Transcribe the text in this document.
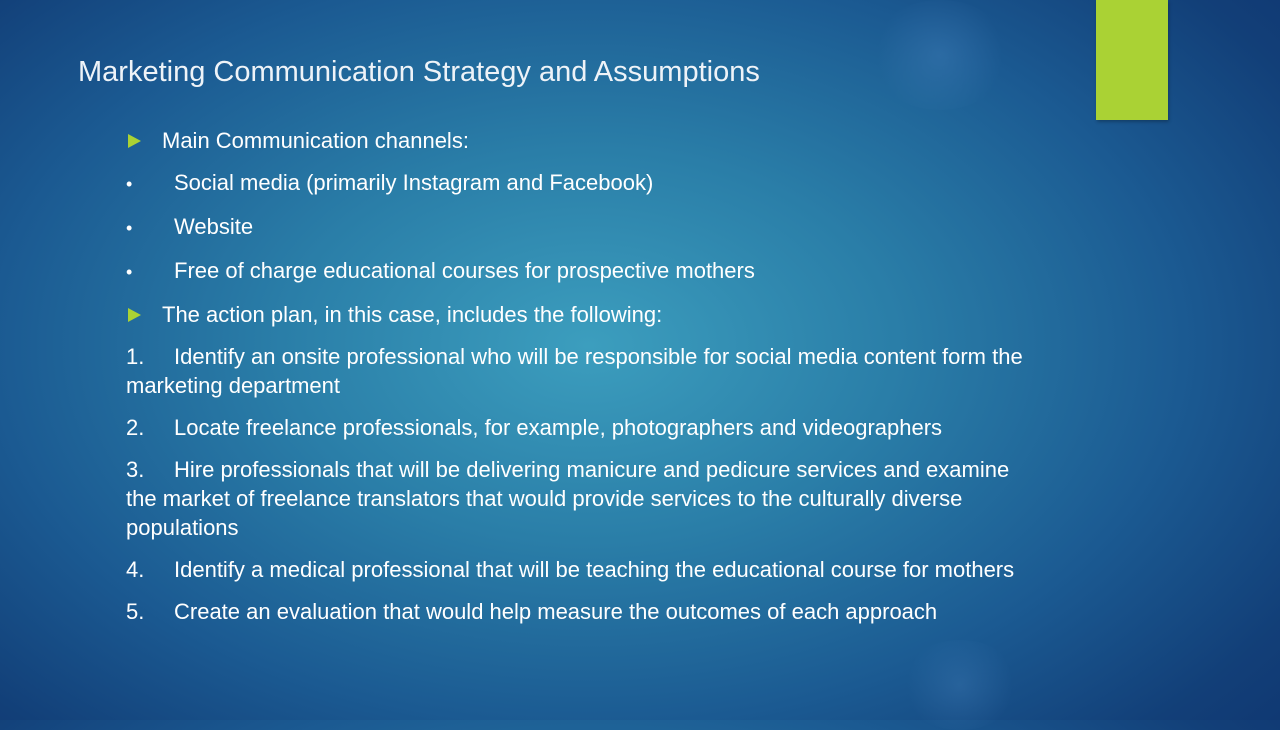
Marketing Communication Strategy and Assumptions
Main Communication channels:
• Social media (primarily Instagram and Facebook)
• Website
• Free of charge educational courses for prospective mothers
The action plan, in this case, includes the following:
1. Identify an onsite professional who will be responsible for social media content form the marketing department
2. Locate freelance professionals, for example, photographers and videographers
3. Hire professionals that will be delivering manicure and pedicure services and examine the market of freelance translators that would provide services to the culturally diverse populations
4. Identify a medical professional that will be teaching the educational course for mothers
5. Create an evaluation that would help measure the outcomes of each approach
